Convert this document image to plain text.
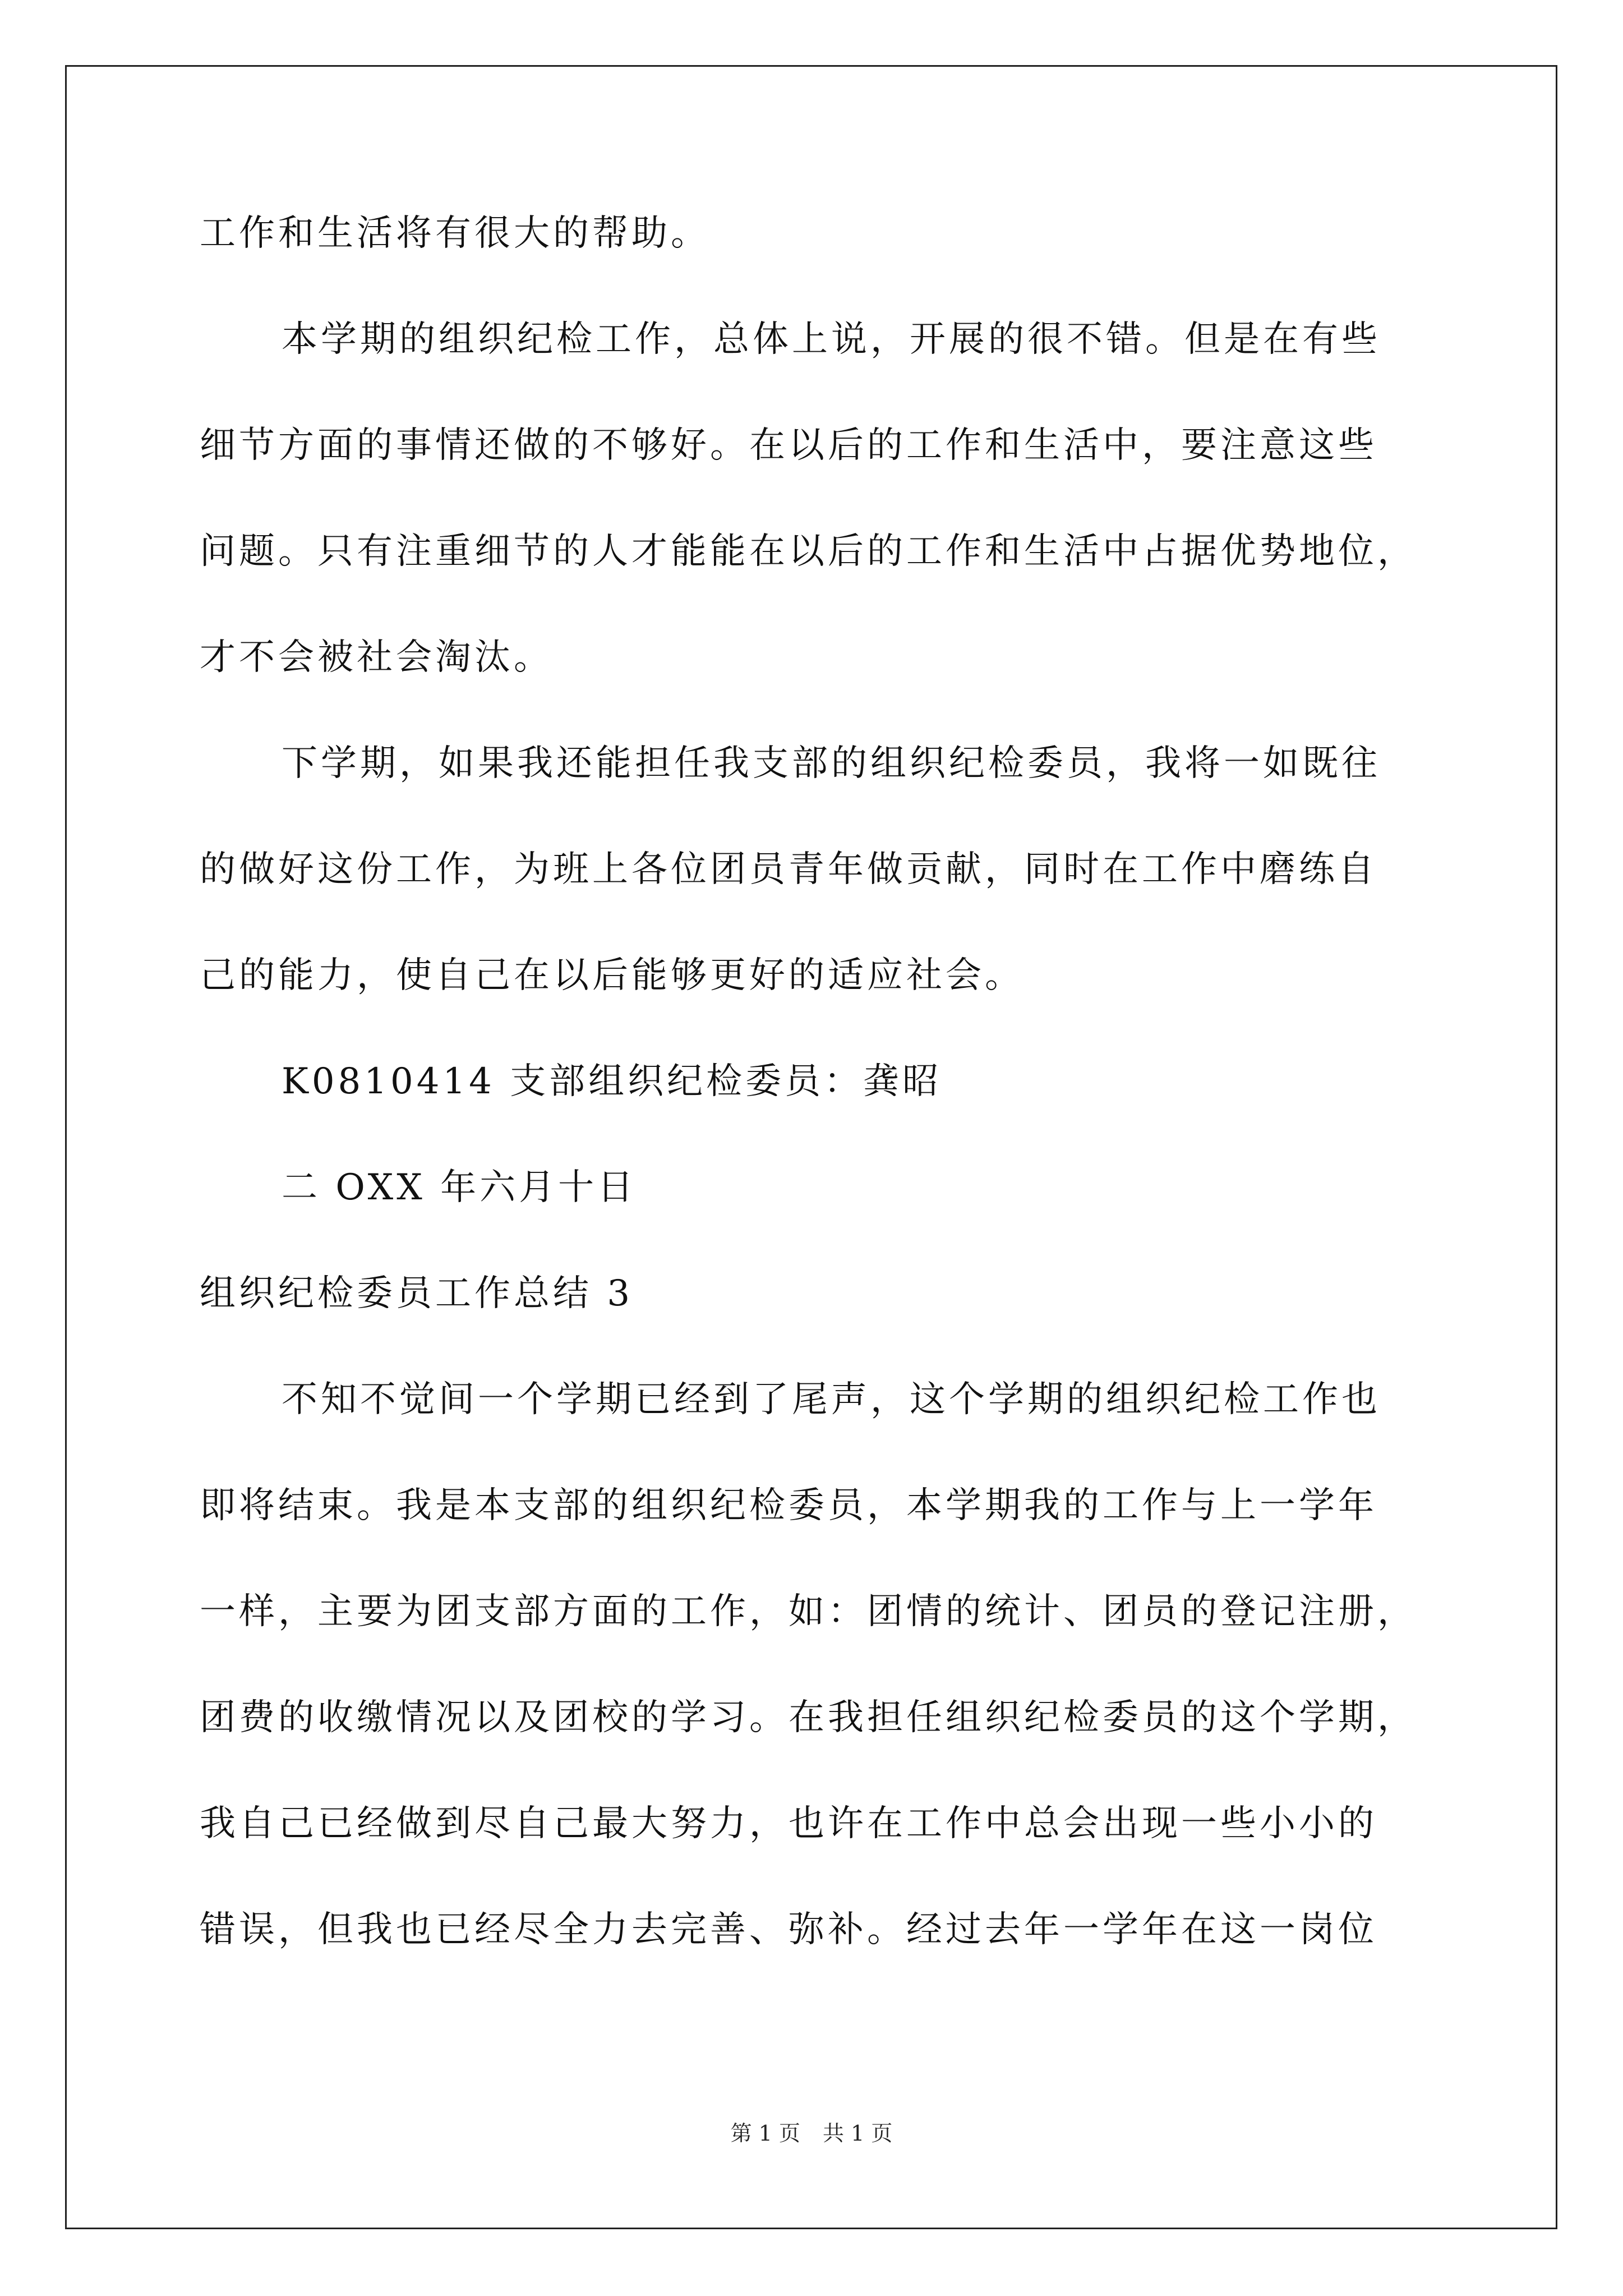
工作和生活将有很大的帮助。
本学期的组织纪检工作，总体上说，开展的很不错。但是在有些
细节方面的事情还做的不够好。在以后的工作和生活中，要注意这些
问题。只有注重细节的人才能能在以后的工作和生活中占据优势地位，
才不会被社会淘汰。
下学期，如果我还能担任我支部的组织纪检委员，我将一如既往
的做好这份工作，为班上各位团员青年做贡献，同时在工作中磨练自
己的能力，使自己在以后能够更好的适应社会。
K0810414 支部组织纪检委员：龚昭
二 OXX 年六月十日
组织纪检委员工作总结 3
不知不觉间一个学期已经到了尾声，这个学期的组织纪检工作也
即将结束。我是本支部的组织纪检委员，本学期我的工作与上一学年
一样，主要为团支部方面的工作，如：团情的统计、团员的登记注册，
团费的收缴情况以及团校的学习。在我担任组织纪检委员的这个学期，
我自己已经做到尽自己最大努力，也许在工作中总会出现一些小小的
错误，但我也已经尽全力去完善、弥补。经过去年一学年在这一岗位
第 1 页 共 1 页
